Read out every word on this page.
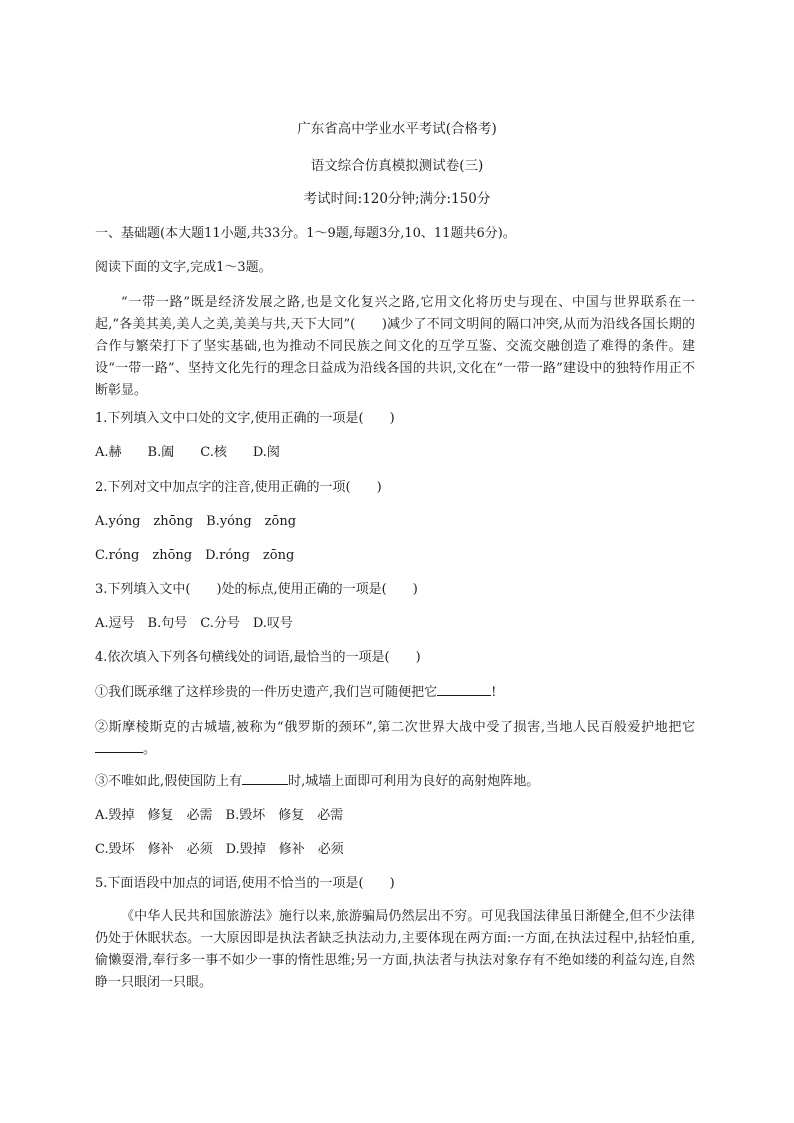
广东省高中学业水平考试(合格考)
语文综合仿真模拟测试卷(三)
考试时间:120分钟;满分:150分
一、基础题(本大题11小题,共33分。1～9题,每题3分,10、11题共6分)。
阅读下面的文字,完成1～3题。
“一带一路”既是经济发展之路,也是文化复兴之路,它用文化将历史与现在、中国与世界联系在一起,“各美其美,美人之美,美美与共,天下大同”(　　)减少了不同文明间的隔口冲突,从而为沿线各国长期的合作与繁荣打下了坚实基础,也为推动不同民族之间文化的互学互鉴、交流交融创造了难得的条件。建设“一带一路”、坚持文化先行的理念日益成为沿线各国的共识,文化在“一带一路”建设中的独特作用正不断彰显。
1.下列填入文中口处的文字,使用正确的一项是(　　)
A.赫　　B.阖　　C.核　　D.阂
2.下列对文中加点字的注音,使用正确的一项(　　)
A.yóng　zhōng　B.yóng　zōng
C.róng　zhōng　D.róng　zōng
3.下列填入文中(　　)处的标点,使用正确的一项是(　　)
A.逗号　B.句号　C.分号　D.叹号
4.依次填入下列各句横线处的词语,最恰当的一项是(　　)
①我们既承继了这样珍贵的一件历史遗产,我们岂可随便把它	!
②斯摩棱斯克的古城墙,被称为“俄罗斯的颈环”,第二次世界大战中受了损害,当地人民百般爱护地把它。
③不唯如此,假使国防上有	时,城墙上面即可利用为良好的高射炮阵地。
A.毁掉　修复　必需　B.毁坏　修复　必需
C.毁坏　修补　必须　D.毁掉　修补　必须
5.下面语段中加点的词语,使用不恰当的一项是(　　)
《中华人民共和国旅游法》施行以来,旅游骗局仍然层出不穷。可见我国法律虽日渐健全,但不少法律仍处于休眠状态。一大原因即是执法者缺乏执法动力,主要体现在两方面:一方面,在执法过程中,拈轻怕重,偷懒耍滑,奉行多一事不如少一事的惰性思维;另一方面,执法者与执法对象存有不绝如缕的利益勾连,自然睁一只眼闭一只眼。
